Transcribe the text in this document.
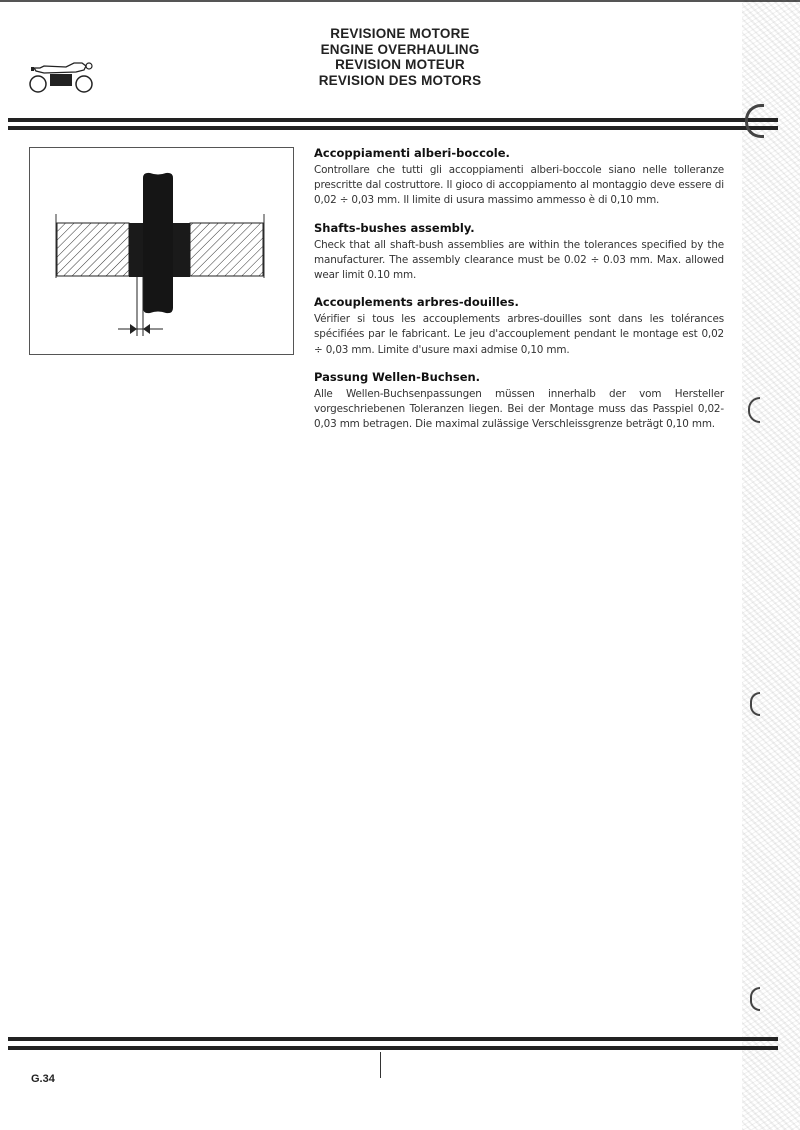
REVISIONE MOTORE
ENGINE OVERHAULING
REVISION MOTEUR
REVISION DES MOTORS
Accoppiamenti alberi-boccole.

Controllare che tutti gli accoppiamenti alberi-boccole siano nelle tolleranze prescritte dal costruttore. Il gioco di accoppiamento al montaggio deve essere di 0,02 ÷ 0,03 mm. Il limite di usura massimo ammesso è di 0,10 mm.

Shafts-bushes assembly.

Check that all shaft-bush assemblies are within the tolerances specified by the manufacturer. The assembly clearance must be 0.02 ÷ 0.03 mm. Max. allowed wear limit 0.10 mm.

Accouplements arbres-douilles.

Vérifier si tous les accouplements arbres-douilles sont dans les tolérances spécifiées par le fabricant. Le jeu d'accouplement pendant le montage est 0,02 ÷ 0,03 mm. Limite d'usure maxi admise 0,10 mm.

Passung Wellen-Buchsen.

Alle Wellen-Buchsenpassungen müssen innerhalb der vom Hersteller vorgeschriebenen Toleranzen liegen. Bei der Montage muss das Passpiel 0,02-0,03 mm betragen. Die maximal zulässige Verschleissgrenze beträgt 0,10 mm.

G.34
